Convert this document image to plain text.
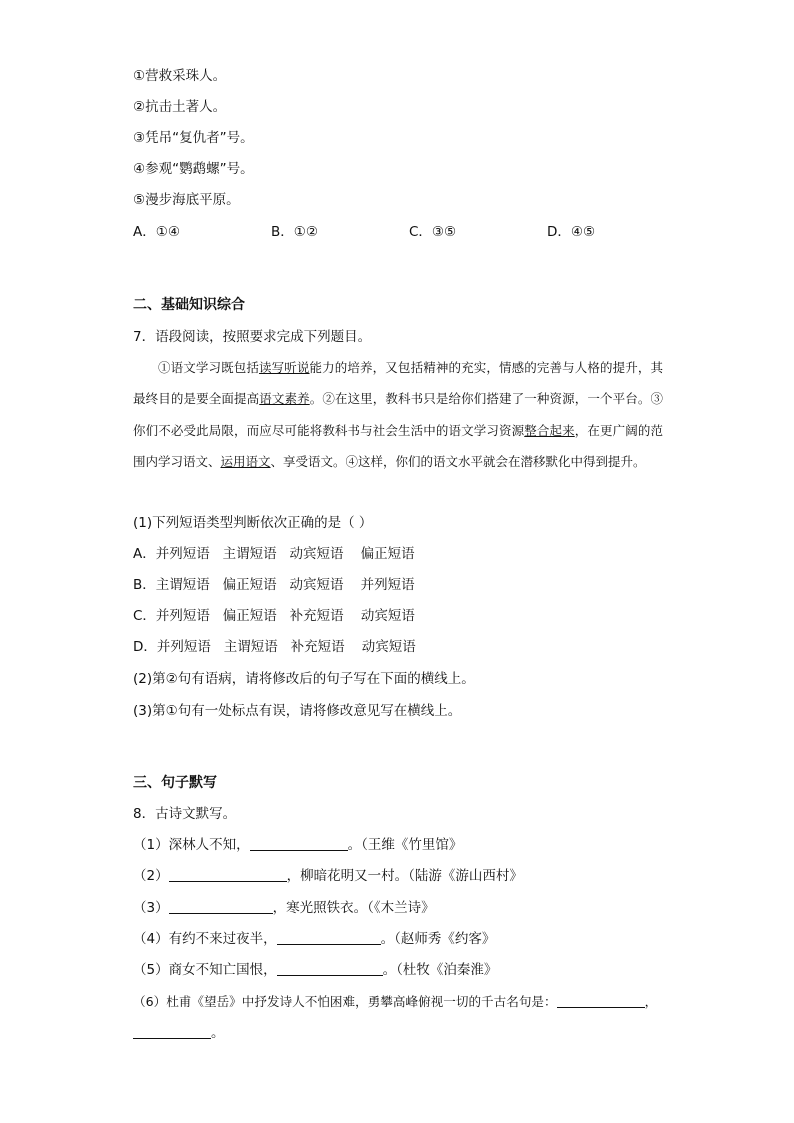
①营救采珠人。
②抗击土著人。
③凭吊“复仇者”号。
④参观“鹦鹉螺”号。
⑤漫步海底平原。
A．①④	B．①②	C．③⑤	D．④⑤
二、基础知识综合
7．语段阅读，按照要求完成下列题目。

①语文学习既包括读写听说能力的培养，又包括精神的充实，情感的完善与人格的提升，其最终目的是要全面提高语文素养。②在这里，教科书只是给你们搭建了一种资源，一个平台。③你们不必受此局限，而应尽可能将教科书与社会生活中的语文学习资源整合起来，在更广阔的范围内学习语文、运用语文、享受语文。④这样，你们的语文水平就会在潜移默化中得到提升。

(1)下列短语类型判断依次正确的是（ ）
A．并列短语   主谓短语   动宾短语    偏正短语
B．主谓短语   偏正短语   动宾短语    并列短语
C．并列短语   偏正短语   补充短语    动宾短语
D．并列短语   主谓短语   补充短语    动宾短语
(2)第②句有语病，请将修改后的句子写在下面的横线上。
(3)第①句有一处标点有误，请将修改意见写在横线上。
三、句子默写
8．古诗文默写。
（1）深林人不知，	。（王维《竹里馆》
（2）	，柳暗花明又一村。（陆游《游山西村》
（3）	，寒光照铁衣。（《木兰诗》
（4）有约不来过夜半，	。（赵师秀《约客》
（5）商女不知亡国恨，	。（杜牧《泊秦淮》
（6）杜甫《望岳》中抒发诗人不怕困难，勇攀高峰俯视一切的千古名句是：	，
。
